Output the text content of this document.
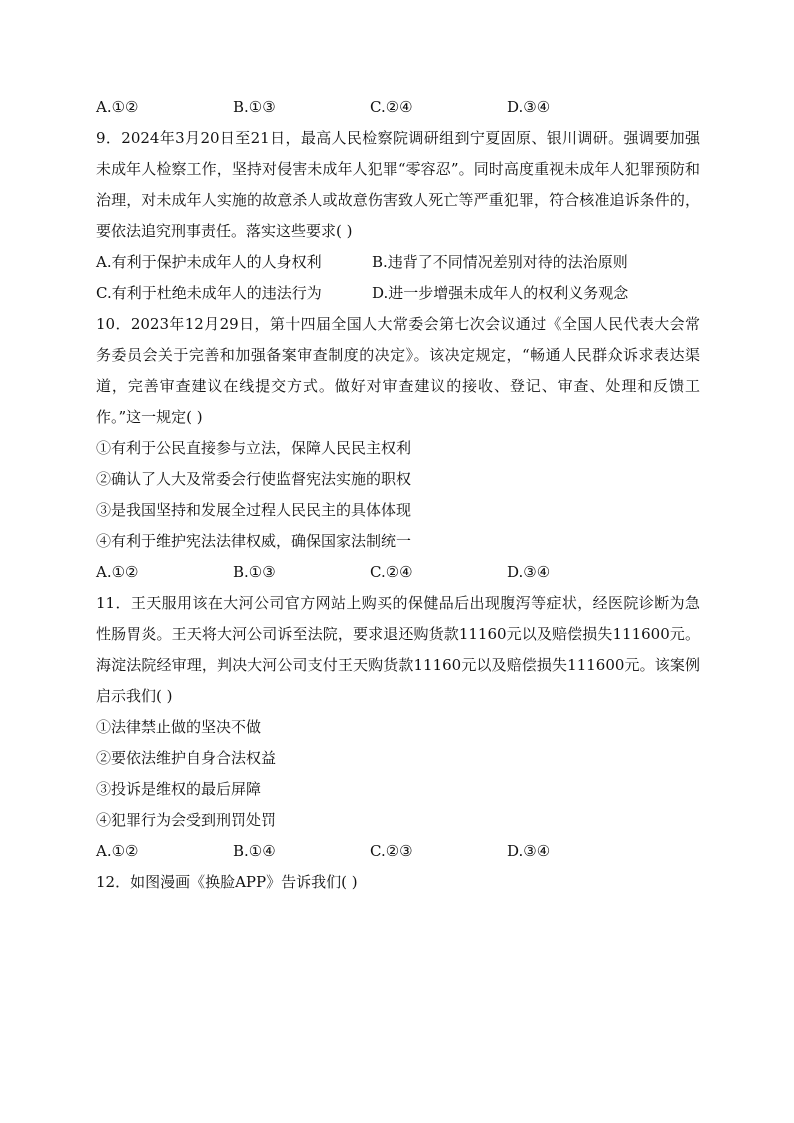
A.①②	B.①③	C.②④	D.③④
9．2024年3月20日至21日，最高人民检察院调研组到宁夏固原、银川调研。强调要加强未成年人检察工作，坚持对侵害未成年人犯罪“零容忍”。同时高度重视未成年人犯罪预防和治理，对未成年人实施的故意杀人或故意伤害致人死亡等严重犯罪，符合核准追诉条件的，要依法追究刑事责任。落实这些要求( )
A.有利于保护未成年人的人身权利	B.违背了不同情况差别对待的法治原则
C.有利于杜绝未成年人的违法行为	D.进一步增强未成年人的权利义务观念
10．2023年12月29日，第十四届全国人大常委会第七次会议通过《全国人民代表大会常务委员会关于完善和加强备案审查制度的决定》。该决定规定，“畅通人民群众诉求表达渠道，完善审查建议在线提交方式。做好对审查建议的接收、登记、审查、处理和反馈工作。”这一规定( )
①有利于公民直接参与立法，保障人民民主权利
②确认了人大及常委会行使监督宪法实施的职权
③是我国坚持和发展全过程人民民主的具体体现
④有利于维护宪法法律权威，确保国家法制统一
A.①②	B.①③	C.②④	D.③④
11．王天服用该在大河公司官方网站上购买的保健品后出现腹泻等症状，经医院诊断为急性肠胃炎。王天将大河公司诉至法院，要求退还购货款11160元以及赔偿损失111600元。海淀法院经审理，判决大河公司支付王天购货款11160元以及赔偿损失111600元。该案例启示我们( )
①法律禁止做的坚决不做
②要依法维护自身合法权益
③投诉是维权的最后屏障
④犯罪行为会受到刑罚处罚
A.①②	B.①④	C.②③	D.③④
12．如图漫画《换脸APP》告诉我们( )
